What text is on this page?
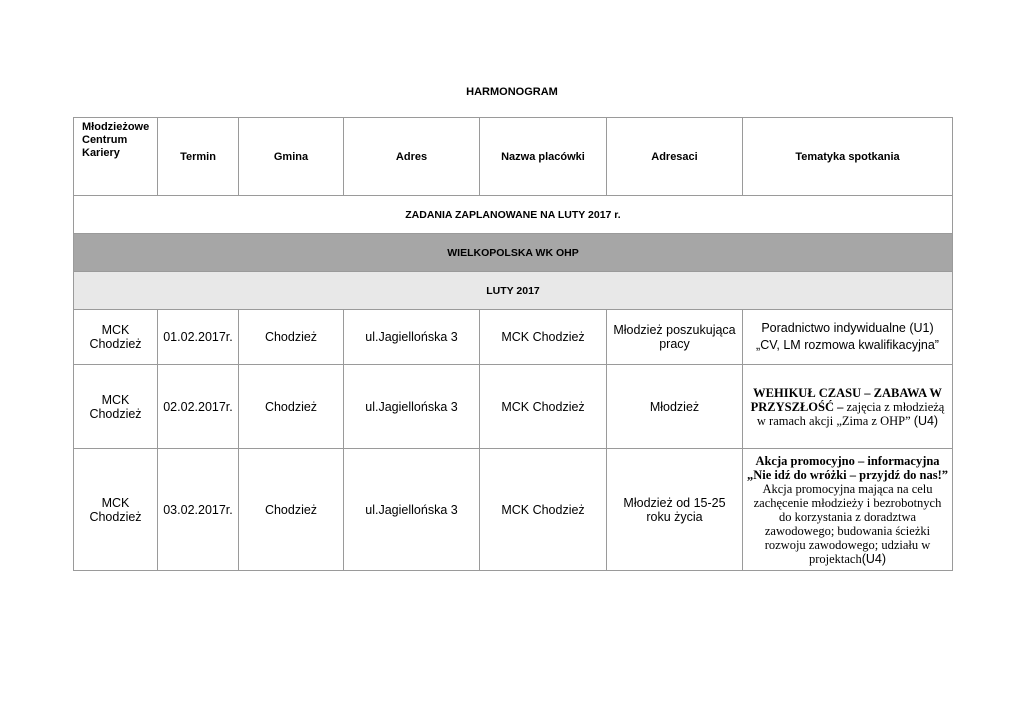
HARMONOGRAM
Młodzieżowe Centrum Kariery	Termin	Gmina	Adres	Nazwa placówki	Adresaci	Tematyka spotkania
ZADANIA ZAPLANOWANE NA LUTY 2017 r.						
WIELKOPOLSKA WK OHP						
LUTY 2017						
MCK Chodzież	01.02.2017r.	Chodzież	ul.Jagiellońska 3	MCK Chodzież	Młodzież poszukująca pracy	Poradnictwo indywidualne (U1)
„CV, LM rozmowa kwalifikacyjna”

MCK Chodzież	02.02.2017r.	Chodzież	ul.Jagiellońska 3	MCK Chodzież	Młodzież	WEHIKUŁ CZASU – ZABAWA W PRZYSZŁOŚĆ – zajęcia z młodzieżą w ramach akcji „Zima z OHP” (U4)
MCK Chodzież	03.02.2017r.	Chodzież	ul.Jagiellońska 3	MCK Chodzież	Młodzież od 15-25 roku życia	Akcja promocyjno – informacyjna „Nie idź do wróżki – przyjdź do nas!” Akcja promocyjna mająca na celu zachęcenie młodzieży i bezrobotnych do korzystania z doradztwa zawodowego; budowania ścieżki rozwoju zawodowego; udziału w projektach(U4)
